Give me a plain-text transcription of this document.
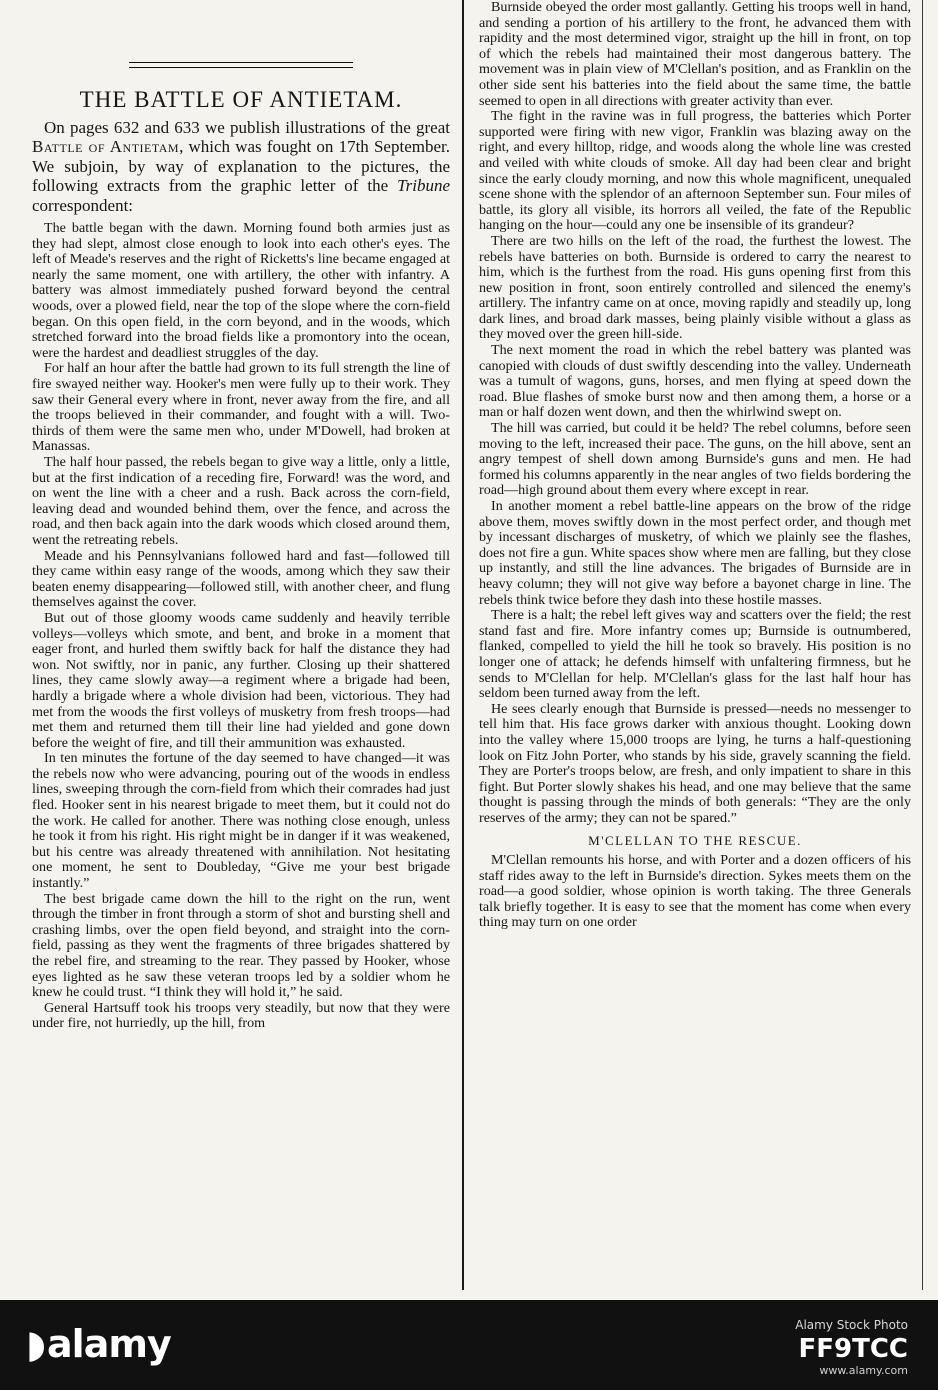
THE BATTLE OF ANTIETAM.

On pages 632 and 633 we publish illustrations of the great Battle of Antietam, which was fought on 17th September. We subjoin, by way of explanation to the pictures, the following extracts from the graphic letter of the Tribune correspondent:

The battle began with the dawn. Morning found both armies just as they had slept, almost close enough to look into each other's eyes. The left of Meade's reserves and the right of Ricketts's line became engaged at nearly the same moment, one with artillery, the other with infantry. A battery was almost immediately pushed forward beyond the central woods, over a plowed field, near the top of the slope where the corn-field began. On this open field, in the corn beyond, and in the woods, which stretched forward into the broad fields like a promontory into the ocean, were the hardest and deadliest struggles of the day.

For half an hour after the battle had grown to its full strength the line of fire swayed neither way. Hooker's men were fully up to their work. They saw their General every where in front, never away from the fire, and all the troops believed in their commander, and fought with a will. Two-thirds of them were the same men who, under M'Dowell, had broken at Manassas.

The half hour passed, the rebels began to give way a little, only a little, but at the first indication of a receding fire, Forward! was the word, and on went the line with a cheer and a rush. Back across the corn-field, leaving dead and wounded behind them, over the fence, and across the road, and then back again into the dark woods which closed around them, went the retreating rebels.

Meade and his Pennsylvanians followed hard and fast—followed till they came within easy range of the woods, among which they saw their beaten enemy disappearing—followed still, with another cheer, and flung themselves against the cover.

But out of those gloomy woods came suddenly and heavily terrible volleys—volleys which smote, and bent, and broke in a moment that eager front, and hurled them swiftly back for half the distance they had won. Not swiftly, nor in panic, any further. Closing up their shattered lines, they came slowly away—a regiment where a brigade had been, hardly a brigade where a whole division had been, victorious. They had met from the woods the first volleys of musketry from fresh troops—had met them and returned them till their line had yielded and gone down before the weight of fire, and till their ammunition was exhausted.

In ten minutes the fortune of the day seemed to have changed—it was the rebels now who were advancing, pouring out of the woods in endless lines, sweeping through the corn-field from which their comrades had just fled. Hooker sent in his nearest brigade to meet them, but it could not do the work. He called for another. There was nothing close enough, unless he took it from his right. His right might be in danger if it was weakened, but his centre was already threatened with annihilation. Not hesitating one moment, he sent to Doubleday, “Give me your best brigade instantly.”

The best brigade came down the hill to the right on the run, went through the timber in front through a storm of shot and bursting shell and crashing limbs, over the open field beyond, and straight into the corn-field, passing as they went the fragments of three brigades shattered by the rebel fire, and streaming to the rear. They passed by Hooker, whose eyes lighted as he saw these veteran troops led by a soldier whom he knew he could trust. “I think they will hold it,” he said.

General Hartsuff took his troops very steadily, but now that they were under fire, not hurriedly, up the hill, from

Burnside obeyed the order most gallantly. Getting his troops well in hand, and sending a portion of his artillery to the front, he advanced them with rapidity and the most determined vigor, straight up the hill in front, on top of which the rebels had maintained their most dangerous battery. The movement was in plain view of M'Clellan's position, and as Franklin on the other side sent his batteries into the field about the same time, the battle seemed to open in all directions with greater activity than ever.

The fight in the ravine was in full progress, the batteries which Porter supported were firing with new vigor, Franklin was blazing away on the right, and every hilltop, ridge, and woods along the whole line was crested and veiled with white clouds of smoke. All day had been clear and bright since the early cloudy morning, and now this whole magnificent, unequaled scene shone with the splendor of an afternoon September sun. Four miles of battle, its glory all visible, its horrors all veiled, the fate of the Republic hanging on the hour—could any one be insensible of its grandeur?

There are two hills on the left of the road, the furthest the lowest. The rebels have batteries on both. Burnside is ordered to carry the nearest to him, which is the furthest from the road. His guns opening first from this new position in front, soon entirely controlled and silenced the enemy's artillery. The infantry came on at once, moving rapidly and steadily up, long dark lines, and broad dark masses, being plainly visible without a glass as they moved over the green hill-side.

The next moment the road in which the rebel battery was planted was canopied with clouds of dust swiftly descending into the valley. Underneath was a tumult of wagons, guns, horses, and men flying at speed down the road. Blue flashes of smoke burst now and then among them, a horse or a man or half dozen went down, and then the whirlwind swept on.

The hill was carried, but could it be held? The rebel columns, before seen moving to the left, increased their pace. The guns, on the hill above, sent an angry tempest of shell down among Burnside's guns and men. He had formed his columns apparently in the near angles of two fields bordering the road—high ground about them every where except in rear.

In another moment a rebel battle-line appears on the brow of the ridge above them, moves swiftly down in the most perfect order, and though met by incessant discharges of musketry, of which we plainly see the flashes, does not fire a gun. White spaces show where men are falling, but they close up instantly, and still the line advances. The brigades of Burnside are in heavy column; they will not give way before a bayonet charge in line. The rebels think twice before they dash into these hostile masses.

There is a halt; the rebel left gives way and scatters over the field; the rest stand fast and fire. More infantry comes up; Burnside is outnumbered, flanked, compelled to yield the hill he took so bravely. His position is no longer one of attack; he defends himself with unfaltering firmness, but he sends to M'Clellan for help. M'Clellan's glass for the last half hour has seldom been turned away from the left.

He sees clearly enough that Burnside is pressed—needs no messenger to tell him that. His face grows darker with anxious thought. Looking down into the valley where 15,000 troops are lying, he turns a half-questioning look on Fitz John Porter, who stands by his side, gravely scanning the field. They are Porter's troops below, are fresh, and only impatient to share in this fight. But Porter slowly shakes his head, and one may believe that the same thought is passing through the minds of both generals: “They are the only reserves of the army; they can not be spared.”

M'CLELLAN TO THE RESCUE.

M'Clellan remounts his horse, and with Porter and a dozen officers of his staff rides away to the left in Burnside's direction. Sykes meets them on the road—a good soldier, whose opinion is worth taking. The three Generals talk briefly together. It is easy to see that the moment has come when every thing may turn on one order

◗alamy	Alamy Stock Photo
FF9TCC
www.alamy.com
